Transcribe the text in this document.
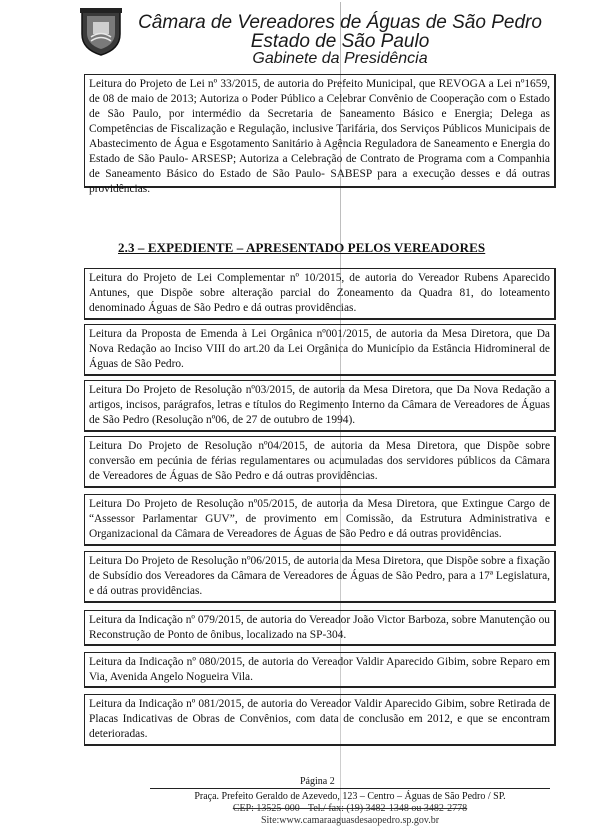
Câmara de Vereadores de Águas de São Pedro
Estado de São Paulo
Gabinete da Presidência

Leitura do Projeto de Lei nº 33/2015, de autoria do Prefeito Municipal, que REVOGA a Lei nº1659, de 08 de maio de 2013; Autoriza o Poder Público a Celebrar Convênio de Cooperação com o Estado de São Paulo, por intermédio da Secretaria de Saneamento Básico e Energia; Delega as Competências de Fiscalização e Regulação, inclusive Tarifária, dos Serviços Públicos Municipais de Abastecimento de Água e Esgotamento Sanitário à Agência Reguladora de Saneamento e Energia do Estado de São Paulo- ARSESP; Autoriza a Celebração de Contrato de Programa com a Companhia de Saneamento Básico do Estado de São Paulo- SABESP para a execução desses e dá outras providências.

2.3 – EXPEDIENTE – APRESENTADO PELOS VEREADORES

Leitura do Projeto de Lei Complementar nº 10/2015, de autoria do Vereador Rubens Aparecido Antunes, que Dispõe sobre alteração parcial do Zoneamento da Quadra 81, do loteamento denominado Águas de São Pedro e dá outras providências.

Leitura da Proposta de Emenda à Lei Orgânica nº001/2015, de autoria da Mesa Diretora, que Da Nova Redação ao Inciso VIII do art.20 da Lei Orgânica do Município da Estância Hidromineral de Águas de São Pedro.

Leitura Do Projeto de Resolução nº03/2015, de autoria da Mesa Diretora, que Da Nova Redação a artigos, incisos, parágrafos, letras e títulos do Regimento Interno da Câmara de Vereadores de Águas de São Pedro (Resolução nº06, de 27 de outubro de 1994).

Leitura Do Projeto de Resolução nº04/2015, de autoria da Mesa Diretora, que Dispõe sobre conversão em pecúnia de férias regulamentares ou acumuladas dos servidores públicos da Câmara de Vereadores de Águas de São Pedro e dá outras providências.

Leitura Do Projeto de Resolução nº05/2015, de autoria da Mesa Diretora, que Extingue Cargo de “Assessor Parlamentar GUV”, de provimento em Comissão, da Estrutura Administrativa e Organizacional da Câmara de Vereadores de Águas de São Pedro e dá outras providências.

Leitura Do Projeto de Resolução nº06/2015, de autoria da Mesa Diretora, que Dispõe sobre a fixação de Subsídio dos Vereadores da Câmara de Vereadores de Águas de São Pedro, para a 17ª Legislatura, e dá outras providências.

Leitura da Indicação nº 079/2015, de autoria do Vereador João Victor Barboza, sobre Manutenção ou Reconstrução de Ponto de ônibus, localizado na SP-304.

Leitura da Indicação nº 080/2015, de autoria do Vereador Valdir Aparecido Gibim, sobre Reparo em Via, Avenida Angelo Nogueira Vila.

Leitura da Indicação nº 081/2015, de autoria do Vereador Valdir Aparecido Gibim, sobre Retirada de Placas Indicativas de Obras de Convênios, com data de conclusão em 2012, e que se encontram deterioradas.

Página 2
Praça. Prefeito Geraldo de Azevedo, 123 – Centro – Águas de São Pedro / SP.
CEP: 13525-000 - Tel./ fax: (19) 3482-1348 ou 3482-2778
Site:www.camaraaguasdesaopedro.sp.gov.br
